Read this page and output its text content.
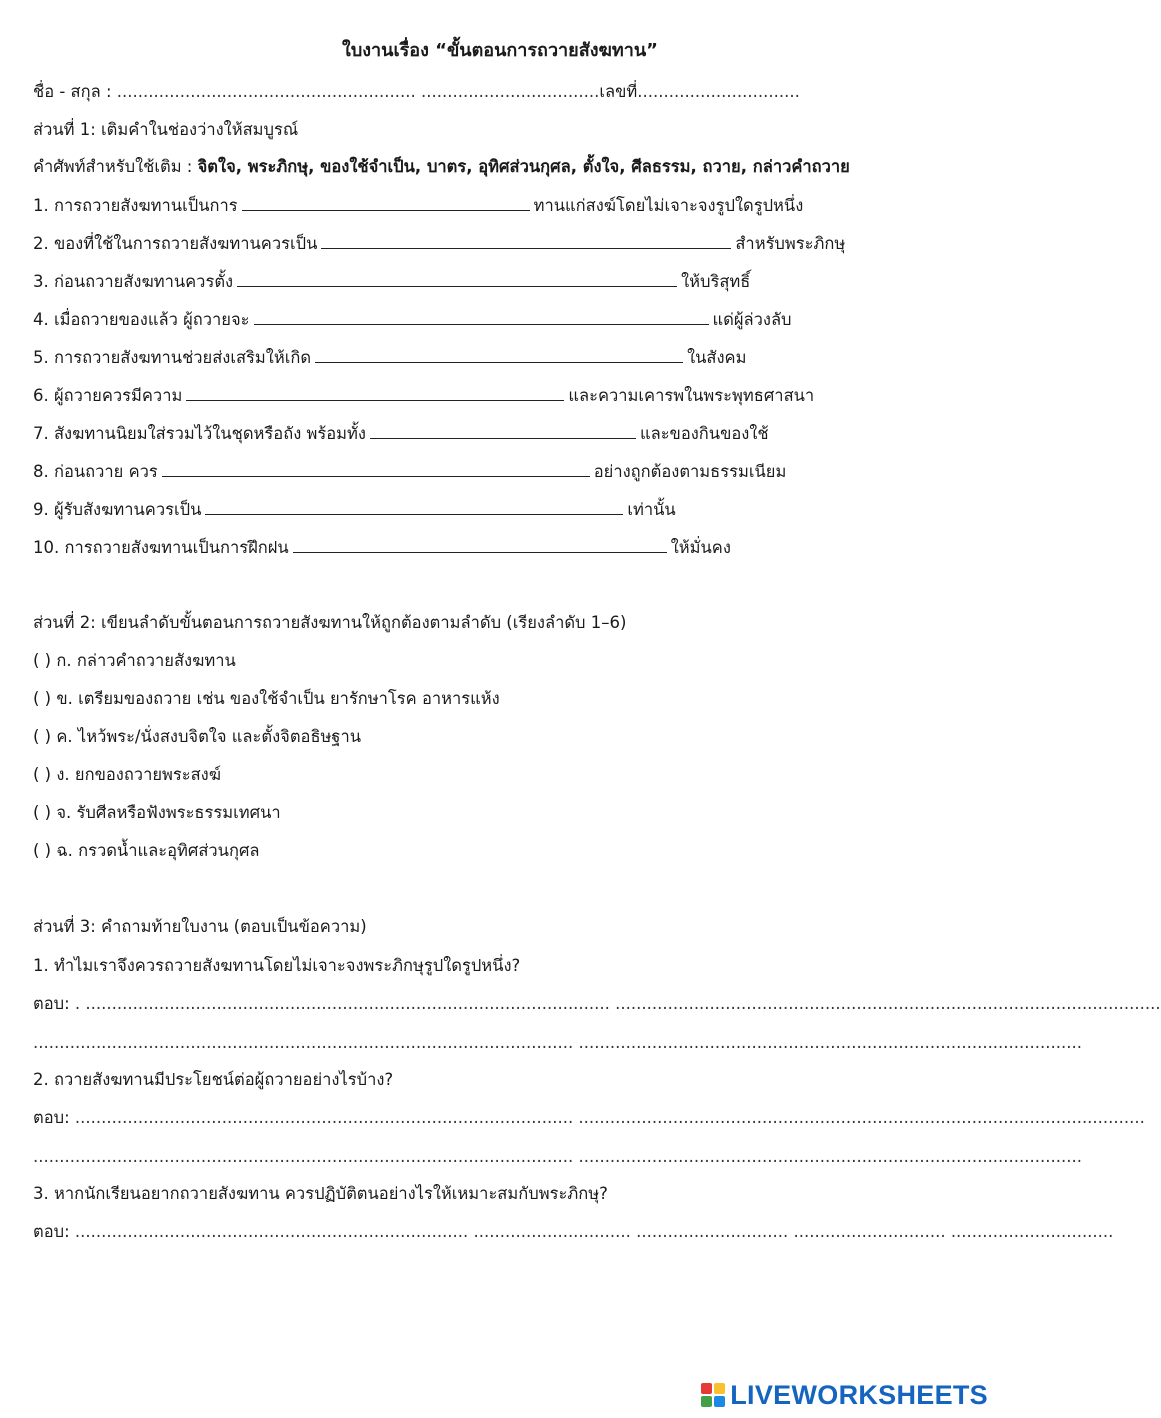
ใบงานเรื่อง “ขั้นตอนการถวายสังฆทาน”
ชื่อ - สกุล : ......................................................... ..................................เลขที่...............................
ส่วนที่ 1: เติมคำในช่องว่างให้สมบูรณ์
คำศัพท์สำหรับใช้เติม : จิตใจ, พระภิกษุ, ของใช้จำเป็น, บาตร, อุทิศส่วนกุศล, ตั้งใจ, ศีลธรรม, ถวาย, กล่าวคำถวาย
1. การถวายสังฆทานเป็นการ	ทานแก่สงฆ์โดยไม่เจาะจงรูปใดรูปหนึ่ง
2. ของที่ใช้ในการถวายสังฆทานควรเป็น	สำหรับพระภิกษุ
3. ก่อนถวายสังฆทานควรตั้ง	ให้บริสุทธิ์
4. เมื่อถวายของแล้ว ผู้ถวายจะ	แด่ผู้ล่วงลับ
5. การถวายสังฆทานช่วยส่งเสริมให้เกิด	ในสังคม
6. ผู้ถวายควรมีความ	และความเคารพในพระพุทธศาสนา
7. สังฆทานนิยมใส่รวมไว้ในชุดหรือถัง พร้อมทั้ง	และของกินของใช้
8. ก่อนถวาย ควร	อย่างถูกต้องตามธรรมเนียม
9. ผู้รับสังฆทานควรเป็น	เท่านั้น
10. การถวายสังฆทานเป็นการฝึกฝน	ให้มั่นคง
ส่วนที่ 2: เขียนลำดับขั้นตอนการถวายสังฆทานให้ถูกต้องตามลำดับ (เรียงลำดับ 1–6)
( ) ก. กล่าวคำถวายสังฆทาน
( ) ข. เตรียมของถวาย เช่น ของใช้จำเป็น ยารักษาโรค อาหารแห้ง
( ) ค. ไหว้พระ/นั่งสงบจิตใจ และตั้งจิตอธิษฐาน
( ) ง. ยกของถวายพระสงฆ์
( ) จ. รับศีลหรือฟังพระธรรมเทศนา
( ) ฉ. กรวดน้ำและอุทิศส่วนกุศล
ส่วนที่ 3: คำถามท้ายใบงาน (ตอบเป็นข้อความ)
1. ทำไมเราจึงควรถวายสังฆทานโดยไม่เจาะจงพระภิกษุรูปใดรูปหนึ่ง?
ตอบ: . .................................................................................................... ........................................................................................................
....................................................................................................... ................................................................................................
2. ถวายสังฆทานมีประโยชน์ต่อผู้ถวายอย่างไรบ้าง?
ตอบ: ............................................................................................... ............................................................................................................
....................................................................................................... ................................................................................................
3. หากนักเรียนอยากถวายสังฆทาน ควรปฏิบัติตนอย่างไรให้เหมาะสมกับพระภิกษุ?
ตอบ: ........................................................................... .............................. ............................. ............................. ...............................
LIVEWORKSHEETS
